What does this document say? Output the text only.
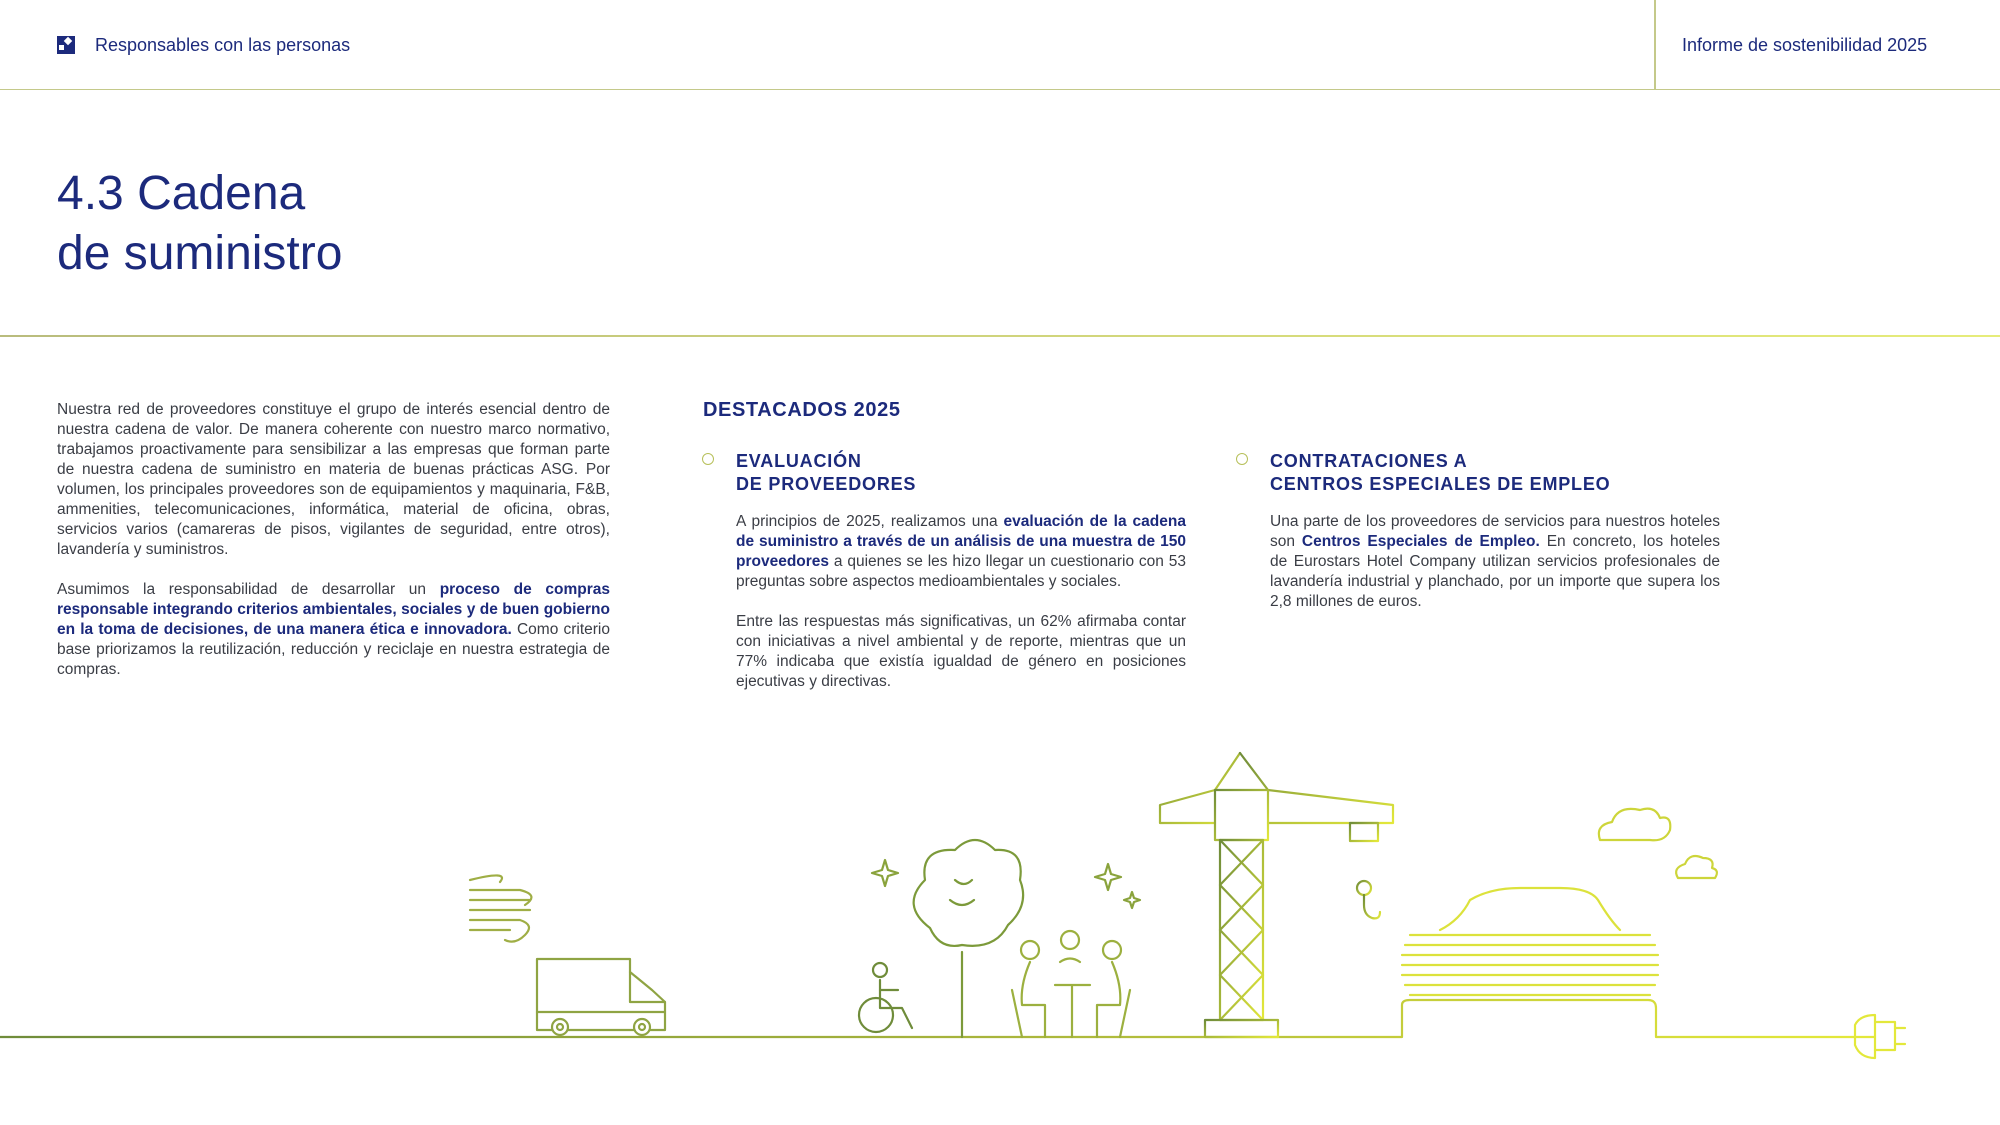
Responsables con las personas	Informe de sostenibilidad 2025
4.3 Cadena
de suministro

Nuestra red de proveedores constituye el grupo de interés esencial dentro de nuestra cadena de valor. De manera coherente con nuestro marco normativo, trabajamos proactivamente para sensibilizar a las empresas que forman parte de nuestra cadena de suministro en materia de buenas prácticas ASG. Por volumen, los principales proveedores son de equipamientos y maquinaria, F&B, ammenities, telecomunicaciones, informática, material de oficina, obras, servicios varios (camareras de pisos, vigilantes de seguridad, entre otros), lavandería y suministros.

Asumimos la responsabilidad de desarrollar un proceso de compras responsable integrando criterios ambientales, sociales y de buen gobierno en la toma de decisiones, de una manera ética e innovadora. Como criterio base priorizamos la reutilización, reducción y reciclaje en nuestra estrategia de compras.

DESTACADOS 2025
EVALUACIÓN
DE PROVEEDORES

A principios de 2025, realizamos una evaluación de la cadena de suministro a través de un análisis de una muestra de 150 proveedores a quienes se les hizo llegar un cuestionario con 53 preguntas sobre aspectos medioambientales y sociales.

Entre las respuestas más significativas, un 62% afirmaba contar con iniciativas a nivel ambiental y de reporte, mientras que un 77% indicaba que existía igualdad de género en posiciones ejecutivas y directivas.

CONTRATACIONES A
CENTROS ESPECIALES DE EMPLEO

Una parte de los proveedores de servicios para nuestros hoteles son Centros Especiales de Empleo. En concreto, los hoteles de Eurostars Hotel Company utilizan servicios profesionales de lavandería industrial y planchado, por un importe que supera los 2,8 millones de euros.
